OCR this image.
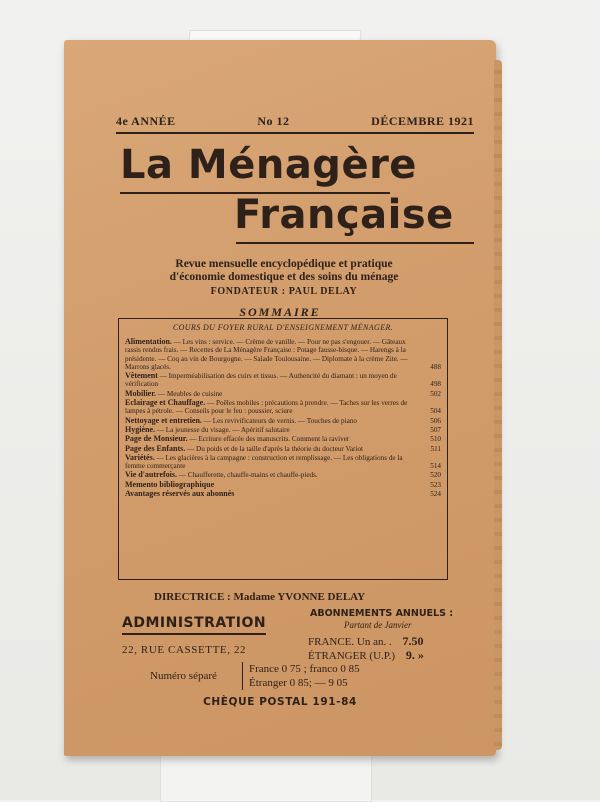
4e ANNÉE	No 12	DÉCEMBRE 1921
La Ménagère
Française
Revue mensuelle encyclopédique et pratique
d'économie domestique et des soins du ménage
FONDATEUR : PAUL DELAY
SOMMAIRE
COURS DU FOYER RURAL D'ENSEIGNEMENT MÉNAGER.
Alimentation. — Les vins : service. — Crème de vanille. — Pour ne pas s'engouer. — Gâteaux rassis rendus frais. — Recettes de La Ménagère Française : Potage fausse-bisque. — Harengs à la présidente. — Coq au vin de Bourgogne. — Salade Toulousaine. — Diplomate à la crème Zite. — Marrons glacés.	488
Vêtement — Imperméabilisation des cuirs et tissus. — Authencité du diamant : un moyen de vérification	498
Mobilier. — Meubles de cuisine	502
Eclairage et Chauffage. — Poêles mobiles : précautions à prendre. — Taches sur les verres de lampes à pétrole. — Conseils pour le feu : poussier, sciure	504
Nettoyage et entretien. — Les revivificateurs de vernis. — Touches de piano	506
Hygiène. — La jeunesse du visage. — Apéritif salutaire	507
Page de Monsieur. — Ecriture effacée des manuscrits. Comment la raviver	510
Page des Enfants. — Du poids et de la taille d'après la théorie du docteur Variot	511
Variétés. — Les glacières à la campagne : construction et remplissage. — Les obligations de la femme commerçante	514
Vie d'autrefois. — Chaufferette, chauffe-mains et chauffe-pieds.	520
Memento bibliographique	523
Avantages réservés aux abonnés	524
DIRECTRICE : Madame YVONNE DELAY
ADMINISTRATION
22, RUE CASSETTE, 22
ABONNEMENTS ANNUELS :
Partant de Janvier
FRANCE. Un an. . 7.50
ÉTRANGER (U.P.) 9. »
Numéro séparé
France 0 75 ; franco 0 85
Étranger 0 85; — 9 05
CHÈQUE POSTAL 191-84
